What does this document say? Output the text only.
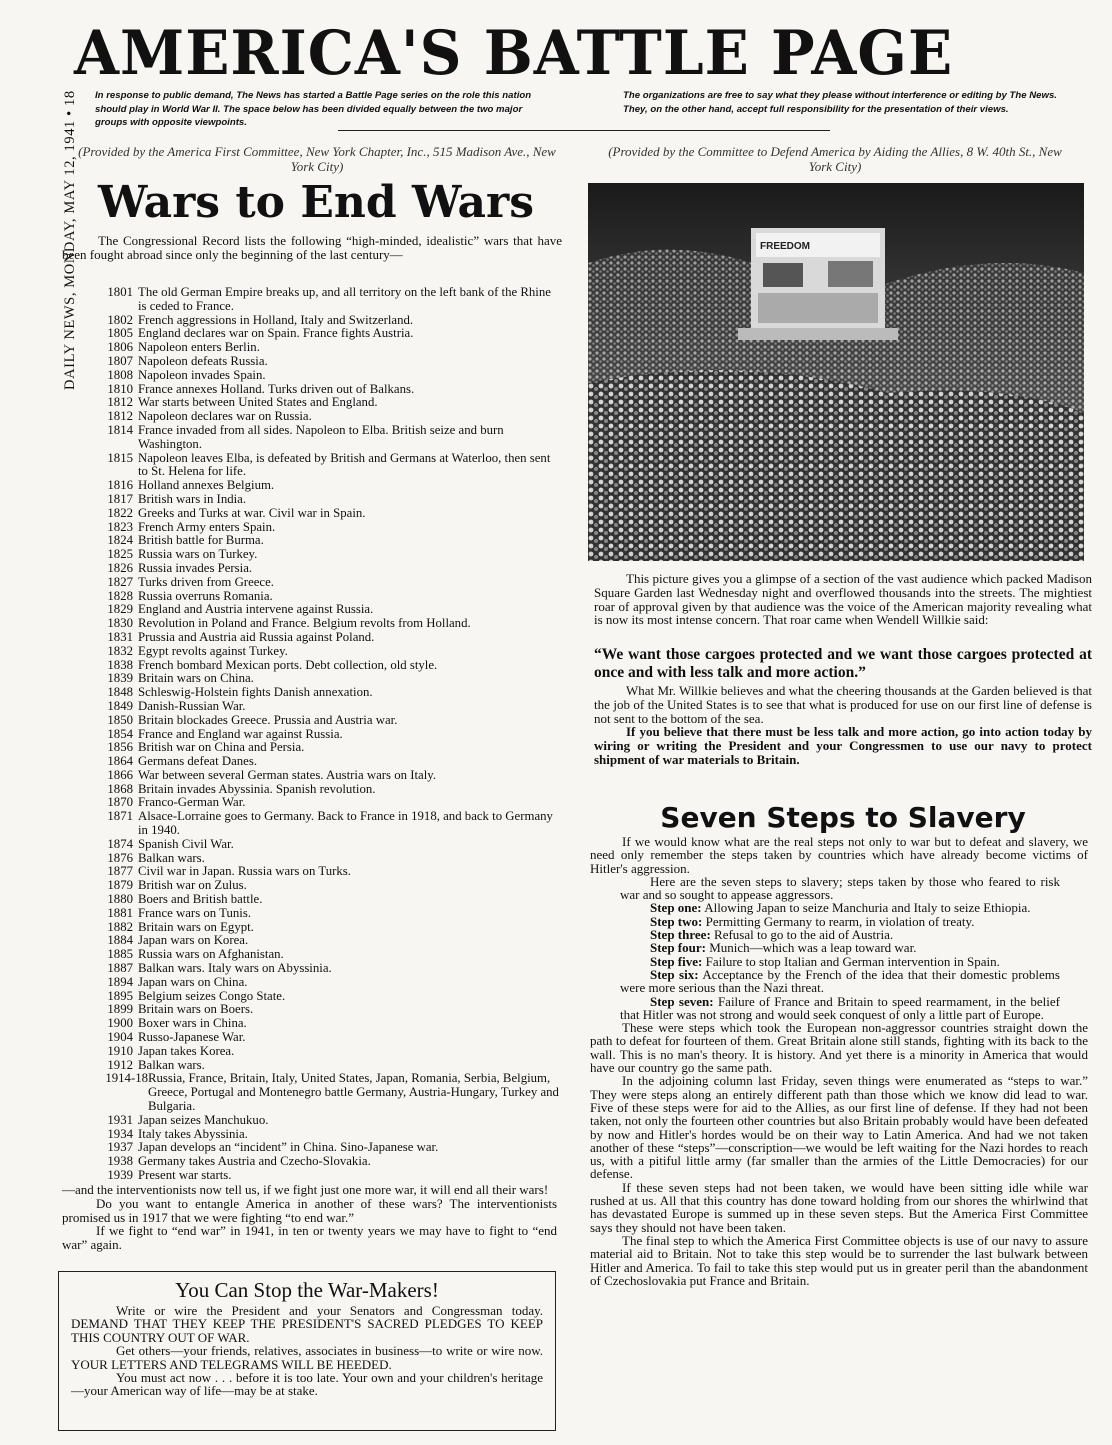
DAILY NEWS, MONDAY, MAY 12, 1941 • 18
AMERICA'S BATTLE PAGE
In response to public demand, The News has started a Battle Page series on the role this nation should play in World War II. The space below has been divided equally between the two major groups with opposite viewpoints.
The organizations are free to say what they please without interference or editing by The News. They, on the other hand, accept full responsibility for the presentation of their views.
(Provided by the America First Committee, New York Chapter, Inc., 515 Madison Ave., New York City)
(Provided by the Committee to Defend America by Aiding the Allies, 8 W. 40th St., New York City)
Wars to End Wars
The Congressional Record lists the following “high-minded, idealistic” wars that have been fought abroad since only the beginning of the last century—
1801 The old German Empire breaks up, and all territory on the left bank of the Rhine is ceded to France.
1802 French aggressions in Holland, Italy and Switzerland.
1805 England declares war on Spain. France fights Austria.
1806 Napoleon enters Berlin.
1807 Napoleon defeats Russia.
1808 Napoleon invades Spain.
1810 France annexes Holland. Turks driven out of Balkans.
1812 War starts between United States and England.
1812 Napoleon declares war on Russia.
1814 France invaded from all sides. Napoleon to Elba. British seize and burn Washington.
1815 Napoleon leaves Elba, is defeated by British and Germans at Waterloo, then sent to St. Helena for life.
1816 Holland annexes Belgium.
1817 British wars in India.
1822 Greeks and Turks at war. Civil war in Spain.
1823 French Army enters Spain.
1824 British battle for Burma.
1825 Russia wars on Turkey.
1826 Russia invades Persia.
1827 Turks driven from Greece.
1828 Russia overruns Romania.
1829 England and Austria intervene against Russia.
1830 Revolution in Poland and France. Belgium revolts from Holland.
1831 Prussia and Austria aid Russia against Poland.
1832 Egypt revolts against Turkey.
1838 French bombard Mexican ports. Debt collection, old style.
1839 Britain wars on China.
1848 Schleswig-Holstein fights Danish annexation.
1849 Danish-Russian War.
1850 Britain blockades Greece. Prussia and Austria war.
1854 France and England war against Russia.
1856 British war on China and Persia.
1864 Germans defeat Danes.
1866 War between several German states. Austria wars on Italy.
1868 Britain invades Abyssinia. Spanish revolution.
1870 Franco-German War.
1871 Alsace-Lorraine goes to Germany. Back to France in 1918, and back to Germany in 1940.
1874 Spanish Civil War.
1876 Balkan wars.
1877 Civil war in Japan. Russia wars on Turks.
1879 British war on Zulus.
1880 Boers and British battle.
1881 France wars on Tunis.
1882 Britain wars on Egypt.
1884 Japan wars on Korea.
1885 Russia wars on Afghanistan.
1887 Balkan wars. Italy wars on Abyssinia.
1894 Japan wars on China.
1895 Belgium seizes Congo State.
1899 Britain wars on Boers.
1900 Boxer wars in China.
1904 Russo-Japanese War.
1910 Japan takes Korea.
1912 Balkan wars.
1914-18 Russia, France, Britain, Italy, United States, Japan, Romania, Serbia, Belgium, Greece, Portugal and Montenegro battle Germany, Austria-Hungary, Turkey and Bulgaria.
1931 Japan seizes Manchukuo.
1934 Italy takes Abyssinia.
1937 Japan develops an “incident” in China. Sino-Japanese war.
1938 Germany takes Austria and Czecho-Slovakia.
1939 Present war starts.

—and the interventionists now tell us, if we fight just one more war, it will end all their wars!

Do you want to entangle America in another of these wars? The interventionists promised us in 1917 that we were fighting “to end war.”

If we fight to “end war” in 1941, in ten or twenty years we may have to fight to “end war” again.

You Can Stop the War-Makers!

Write or wire the President and your Senators and Congressman today. DEMAND THAT THEY KEEP THE PRESIDENT'S SACRED PLEDGES TO KEEP THIS COUNTRY OUT OF WAR.

Get others—your friends, relatives, associates in business—to write or wire now. YOUR LETTERS AND TELEGRAMS WILL BE HEEDED.

You must act now . . . before it is too late. Your own and your children's heritage—your American way of life—may be at stake.

FREEDOM

This picture gives you a glimpse of a section of the vast audience which packed Madison Square Garden last Wednesday night and overflowed thousands into the streets. The mightiest roar of approval given by that audience was the voice of the American majority revealing what is now its most intense concern. That roar came when Wendell Willkie said:

“We want those cargoes protected and we want those cargoes protected at once and with less talk and more action.”

What Mr. Willkie believes and what the cheering thousands at the Garden believed is that the job of the United States is to see that what is produced for use on our first line of defense is not sent to the bottom of the sea.

If you believe that there must be less talk and more action, go into action today by wiring or writing the President and your Congressmen to use our navy to protect shipment of war materials to Britain.

Seven Steps to Slavery

If we would know what are the real steps not only to war but to defeat and slavery, we need only remember the steps taken by countries which have already become victims of Hitler's aggression.

Here are the seven steps to slavery; steps taken by those who feared to risk war and so sought to appease aggressors.

Step one: Allowing Japan to seize Manchuria and Italy to seize Ethiopia.

Step two: Permitting Germany to rearm, in violation of treaty.

Step three: Refusal to go to the aid of Austria.

Step four: Munich—which was a leap toward war.

Step five: Failure to stop Italian and German intervention in Spain.

Step six: Acceptance by the French of the idea that their domestic problems were more serious than the Nazi threat.

Step seven: Failure of France and Britain to speed rearmament, in the belief that Hitler was not strong and would seek conquest of only a little part of Europe.

These were steps which took the European non-aggressor countries straight down the path to defeat for fourteen of them. Great Britain alone still stands, fighting with its back to the wall. This is no man's theory. It is history. And yet there is a minority in America that would have our country go the same path.

In the adjoining column last Friday, seven things were enumerated as “steps to war.” They were steps along an entirely different path than those which we know did lead to war. Five of these steps were for aid to the Allies, as our first line of defense. If they had not been taken, not only the fourteen other countries but also Britain probably would have been defeated by now and Hitler's hordes would be on their way to Latin America. And had we not taken another of these “steps”—conscription—we would be left waiting for the Nazi hordes to reach us, with a pitiful little army (far smaller than the armies of the Little Democracies) for our defense.

If these seven steps had not been taken, we would have been sitting idle while war rushed at us. All that this country has done toward holding from our shores the whirlwind that has devastated Europe is summed up in these seven steps. But the America First Committee says they should not have been taken.

The final step to which the America First Committee objects is use of our navy to assure material aid to Britain. Not to take this step would be to surrender the last bulwark between Hitler and America. To fail to take this step would put us in greater peril than the abandonment of Czechoslovakia put France and Britain.
